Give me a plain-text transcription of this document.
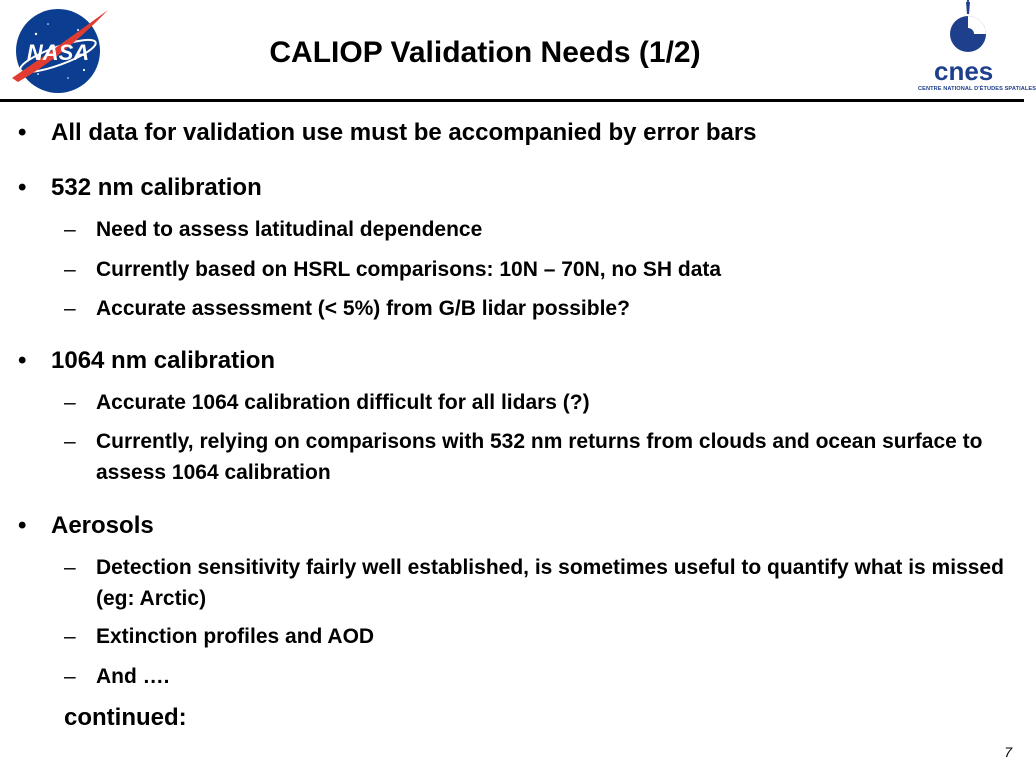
NASA	CALIOP Validation Needs (1/2)
cnes
CENTRE NATIONAL D'ÉTUDES SPATIALES
• All data for validation use must be accompanied by error bars
• 532 nm calibration
– Need to assess latitudinal dependence
– Currently based on HSRL comparisons: 10N – 70N, no SH data
– Accurate assessment (< 5%) from G/B lidar possible?
• 1064 nm calibration
– Accurate 1064 calibration difficult for all lidars (?)
– Currently, relying on comparisons with 532 nm returns from clouds and ocean surface to assess 1064 calibration
• Aerosols
– Detection sensitivity fairly well established, is sometimes useful to quantify what is missed (eg: Arctic)
– Extinction profiles and AOD
– And ….
continued:
7
